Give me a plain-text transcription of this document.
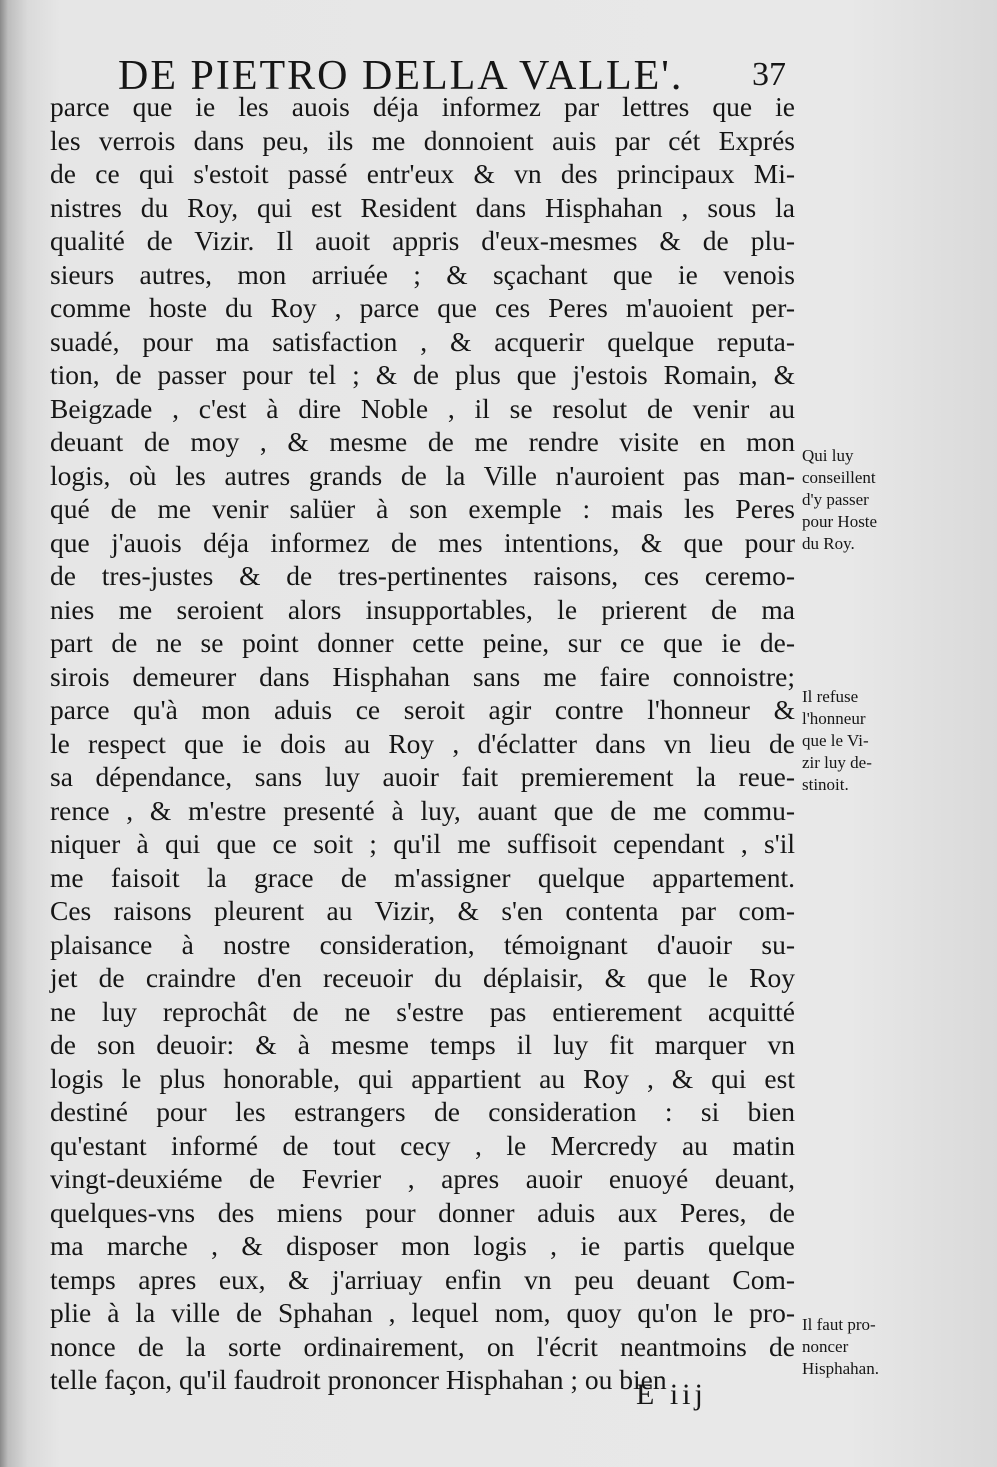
DE PIETRO DELLA VALLE'.	37
parce que ie les auois déja informez par lettres que ie
les verrois dans peu, ils me donnoient auis par cét Exprés
de ce qui s'estoit passé entr'eux & vn des principaux Mi-
nistres du Roy, qui est Resident dans Hisphahan , sous la
qualité de Vizir. Il auoit appris d'eux-mesmes & de plu-
sieurs autres, mon arriuée ; & sçachant que ie venois
comme hoste du Roy , parce que ces Peres m'auoient per-
suadé, pour ma satisfaction , & acquerir quelque reputa-
tion, de passer pour tel ; & de plus que j'estois Romain, &
Beigzade , c'est à dire Noble , il se resolut de venir au
deuant de moy , & mesme de me rendre visite en mon
logis, où les autres grands de la Ville n'auroient pas man-
qué de me venir salüer à son exemple : mais les Peres
que j'auois déja informez de mes intentions, & que pour
de tres-justes & de tres-pertinentes raisons, ces ceremo-
nies me seroient alors insupportables, le prierent de ma
part de ne se point donner cette peine, sur ce que ie de-
sirois demeurer dans Hisphahan sans me faire connoistre;
parce qu'à mon aduis ce seroit agir contre l'honneur &
le respect que ie dois au Roy , d'éclatter dans vn lieu de
sa dépendance, sans luy auoir fait premierement la reue-
rence , & m'estre presenté à luy, auant que de me commu-
niquer à qui que ce soit ; qu'il me suffisoit cependant , s'il
me faisoit la grace de m'assigner quelque appartement.
Ces raisons pleurent au Vizir, & s'en contenta par com-
plaisance à nostre consideration, témoignant d'auoir su-
jet de craindre d'en receuoir du déplaisir, & que le Roy
ne luy reprochât de ne s'estre pas entierement acquitté
de son deuoir: & à mesme temps il luy fit marquer vn
logis le plus honorable, qui appartient au Roy , & qui est
destiné pour les estrangers de consideration : si bien
qu'estant informé de tout cecy , le Mercredy au matin
vingt-deuxiéme de Fevrier , apres auoir enuoyé deuant,
quelques-vns des miens pour donner aduis aux Peres, de
ma marche , & disposer mon logis , ie partis quelque
temps apres eux, & j'arriuay enfin vn peu deuant Com-
plie à la ville de Sphahan , lequel nom, quoy qu'on le pro-
nonce de la sorte ordinairement, on l'écrit neantmoins de
telle façon, qu'il faudroit prononcer Hisphahan ; ou bien
Qui luy
conseillent
d'y passer
pour Hoste
du Roy.
Il refuse
l'honneur
que le Vi-
zir luy de-
stinoit.
Il faut pro-
noncer
Hisphahan.
E iij
